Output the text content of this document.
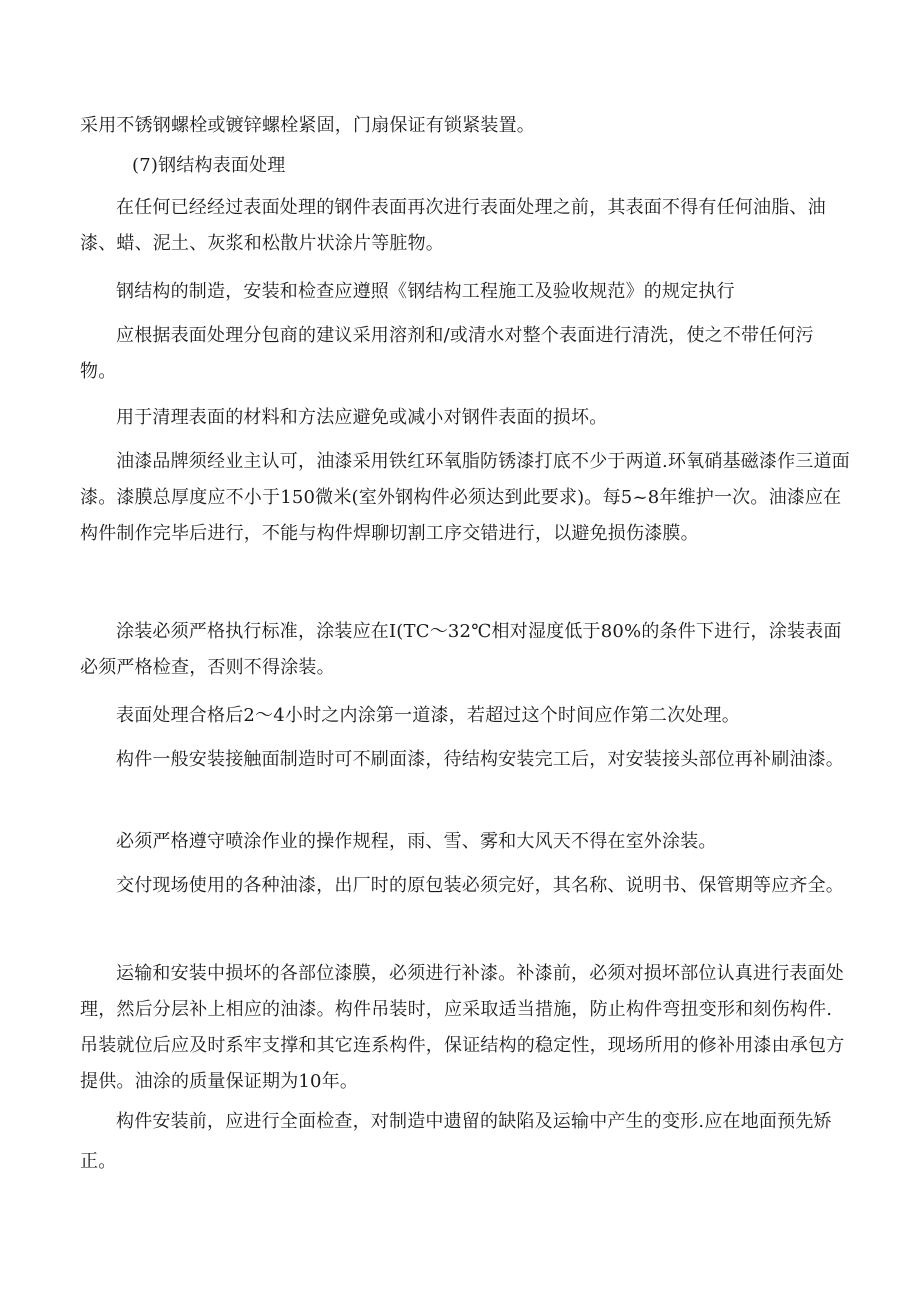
采用不锈钢螺栓或镀锌螺栓紧固，门扇保证有锁紧装置。

(7)钢结构表面处理

在任何已经经过表面处理的钢件表面再次进行表面处理之前，其表面不得有任何油脂、油漆、蜡、泥土、灰浆和松散片状涂片等脏物。

钢结构的制造，安装和检查应遵照《钢结构工程施工及验收规范》的规定执行

应根据表面处理分包商的建议采用溶剂和/或清水对整个表面进行清洗，使之不带任何污物。

用于清理表面的材料和方法应避免或减小对钢件表面的损坏。

油漆品牌须经业主认可，油漆采用铁红环氧脂防锈漆打底不少于两道.环氧硝基磁漆作三道面漆。漆膜总厚度应不小于150微米(室外钢构件必须达到此要求)。每5~8年维护一次。油漆应在构件制作完毕后进行，不能与构件焊聊切割工序交错进行，以避免损伤漆膜。

涂装必须严格执行标准，涂装应在I(TC～32℃相对湿度低于80%的条件下进行，涂装表面必须严格检查，否则不得涂装。

表面处理合格后2～4小时之内涂第一道漆，若超过这个时间应作第二次处理。

构件一般安装接触面制造时可不刷面漆，待结构安装完工后，对安装接头部位再补刷油漆。

必须严格遵守喷涂作业的操作规程，雨、雪、雾和大风天不得在室外涂装。

交付现场使用的各种油漆，出厂时的原包装必须完好，其名称、说明书、保管期等应齐全。

运输和安装中损坏的各部位漆膜，必须进行补漆。补漆前，必须对损坏部位认真进行表面处理，然后分层补上相应的油漆。构件吊装时，应采取适当措施，防止构件弯扭变形和刻伤构件.吊装就位后应及时系牢支撑和其它连系构件，保证结构的稳定性，现场所用的修补用漆由承包方提供。油涂的质量保证期为10年。

构件安装前，应进行全面检查，对制造中遗留的缺陷及运输中产生的变形.应在地面预先矫正。
